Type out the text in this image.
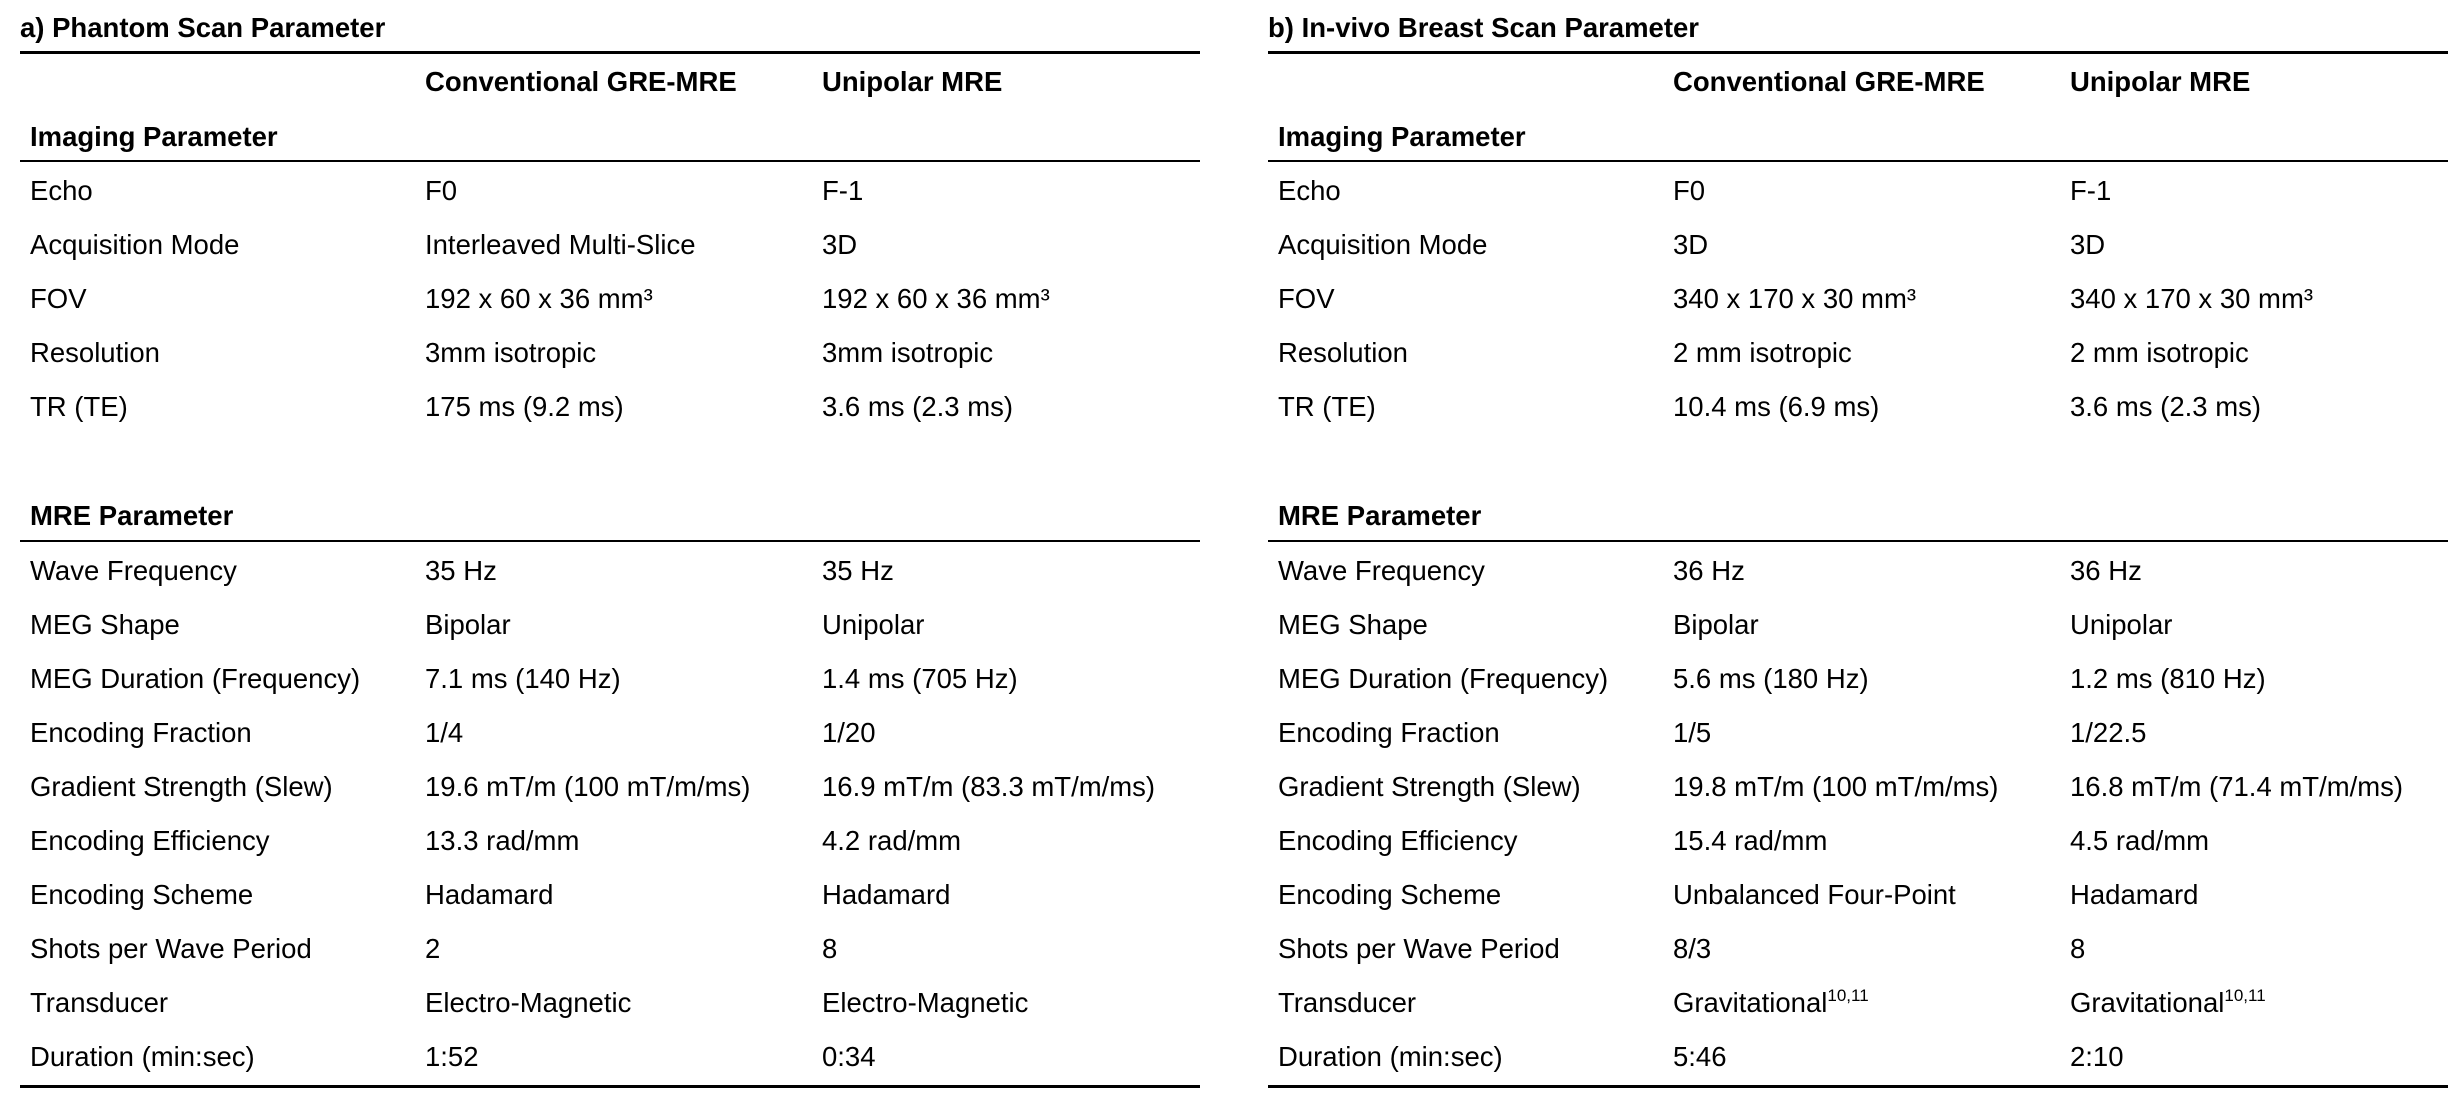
a) Phantom Scan Parameter
Conventional GRE-MRE	Unipolar MRE
Imaging Parameter
Echo	F0	F-1
Acquisition Mode	Interleaved Multi-Slice	3D
FOV	192 x 60 x 36 mm³	192 x 60 x 36 mm³
Resolution	3mm isotropic	3mm isotropic
TR (TE)	175 ms (9.2 ms)	3.6 ms (2.3 ms)
MRE Parameter
Wave Frequency	35 Hz	35 Hz
MEG Shape	Bipolar	Unipolar
MEG Duration (Frequency) 7.1 ms (140 Hz)	1.4 ms (705 Hz)
Encoding Fraction	1/4	1/20
Gradient Strength (Slew)	19.6 mT/m (100 mT/m/ms)	16.9 mT/m (83.3 mT/m/ms)
Encoding Efficiency	13.3 rad/mm	4.2 rad/mm
Encoding Scheme	Hadamard	Hadamard
Shots per Wave Period	2	8
Transducer	Electro-Magnetic	Electro-Magnetic
Duration (min:sec)	1:52	0:34
b) In-vivo Breast Scan Parameter
Conventional GRE-MRE	Unipolar MRE
Imaging Parameter
Echo	F0	F-1
Acquisition Mode	3D	3D
FOV	340 x 170 x 30 mm³	340 x 170 x 30 mm³
Resolution	2 mm isotropic	2 mm isotropic
TR (TE)	10.4 ms (6.9 ms)	3.6 ms (2.3 ms)
MRE Parameter
Wave Frequency	36 Hz	36 Hz
MEG Shape	Bipolar	Unipolar
MEG Duration (Frequency) 5.6 ms (180 Hz)	1.2 ms (810 Hz)
Encoding Fraction	1/5	1/22.5
Gradient Strength (Slew)	19.8 mT/m (100 mT/m/ms)	16.8 mT/m (71.4 mT/m/ms)
Encoding Efficiency	15.4 rad/mm	4.5 rad/mm
Encoding Scheme	Unbalanced Four-Point	Hadamard
Shots per Wave Period	8/3	8
Transducer	Gravitational$^{10,11}$	Gravitational$^{10,11}$
Duration (min:sec)	5:46	2:10
